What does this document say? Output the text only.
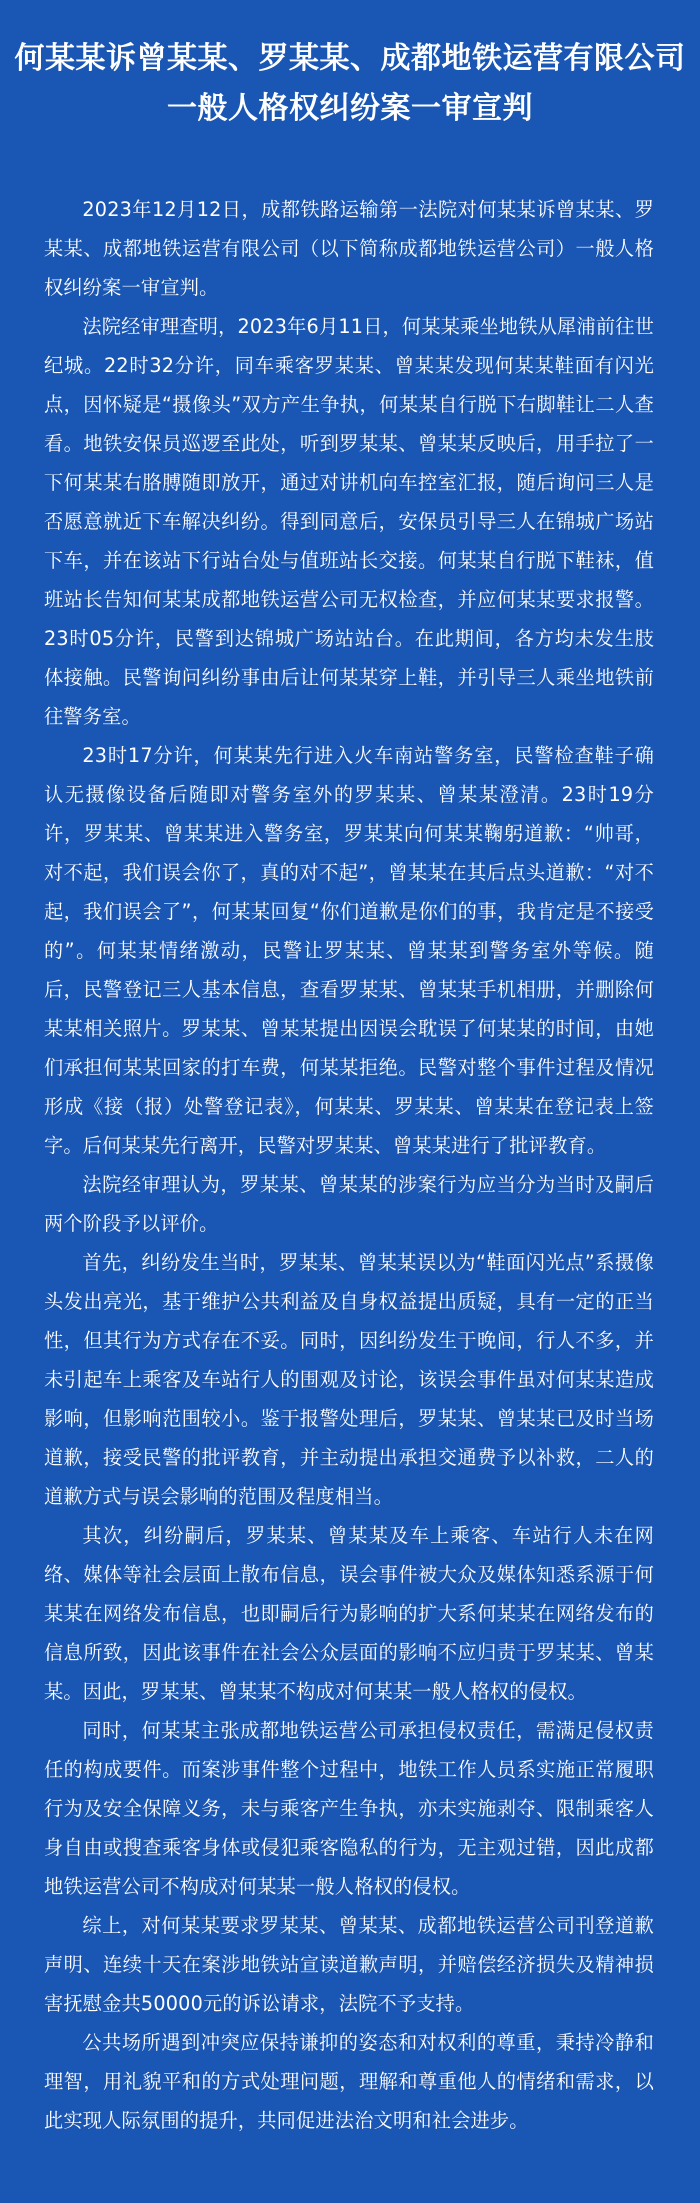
何某某诉曾某某、罗某某、成都地铁运营有限公司
一般人格权纠纷案一审宣判

2023年12月12日，成都铁路运输第一法院对何某某诉曾某某、罗某某、成都地铁运营有限公司（以下简称成都地铁运营公司）一般人格权纠纷案一审宣判。

法院经审理查明，2023年6月11日，何某某乘坐地铁从犀浦前往世纪城。22时32分许，同车乘客罗某某、曾某某发现何某某鞋面有闪光点，因怀疑是“摄像头”双方产生争执，何某某自行脱下右脚鞋让二人查看。地铁安保员巡逻至此处，听到罗某某、曾某某反映后，用手拉了一下何某某右胳膊随即放开，通过对讲机向车控室汇报，随后询问三人是否愿意就近下车解决纠纷。得到同意后，安保员引导三人在锦城广场站下车，并在该站下行站台处与值班站长交接。何某某自行脱下鞋袜，值班站长告知何某某成都地铁运营公司无权检查，并应何某某要求报警。23时05分许，民警到达锦城广场站站台。在此期间，各方均未发生肢体接触。民警询问纠纷事由后让何某某穿上鞋，并引导三人乘坐地铁前往警务室。

23时17分许，何某某先行进入火车南站警务室，民警检查鞋子确认无摄像设备后随即对警务室外的罗某某、曾某某澄清。23时19分许，罗某某、曾某某进入警务室，罗某某向何某某鞠躬道歉：“帅哥，对不起，我们误会你了，真的对不起”，曾某某在其后点头道歉：“对不起，我们误会了”，何某某回复“你们道歉是你们的事，我肯定是不接受的”。何某某情绪激动，民警让罗某某、曾某某到警务室外等候。随后，民警登记三人基本信息，查看罗某某、曾某某手机相册，并删除何某某相关照片。罗某某、曾某某提出因误会耽误了何某某的时间，由她们承担何某某回家的打车费，何某某拒绝。民警对整个事件过程及情况形成《接（报）处警登记表》，何某某、罗某某、曾某某在登记表上签字。后何某某先行离开，民警对罗某某、曾某某进行了批评教育。

法院经审理认为，罗某某、曾某某的涉案行为应当分为当时及嗣后两个阶段予以评价。

首先，纠纷发生当时，罗某某、曾某某误以为“鞋面闪光点”系摄像头发出亮光，基于维护公共利益及自身权益提出质疑，具有一定的正当性，但其行为方式存在不妥。同时，因纠纷发生于晚间，行人不多，并未引起车上乘客及车站行人的围观及讨论，该误会事件虽对何某某造成影响，但影响范围较小。鉴于报警处理后，罗某某、曾某某已及时当场道歉，接受民警的批评教育，并主动提出承担交通费予以补救，二人的道歉方式与误会影响的范围及程度相当。

其次，纠纷嗣后，罗某某、曾某某及车上乘客、车站行人未在网络、媒体等社会层面上散布信息，误会事件被大众及媒体知悉系源于何某某在网络发布信息，也即嗣后行为影响的扩大系何某某在网络发布的信息所致，因此该事件在社会公众层面的影响不应归责于罗某某、曾某某。因此，罗某某、曾某某不构成对何某某一般人格权的侵权。

同时，何某某主张成都地铁运营公司承担侵权责任，需满足侵权责任的构成要件。而案涉事件整个过程中，地铁工作人员系实施正常履职行为及安全保障义务，未与乘客产生争执，亦未实施剥夺、限制乘客人身自由或搜查乘客身体或侵犯乘客隐私的行为，无主观过错，因此成都地铁运营公司不构成对何某某一般人格权的侵权。

综上，对何某某要求罗某某、曾某某、成都地铁运营公司刊登道歉声明、连续十天在案涉地铁站宣读道歉声明，并赔偿经济损失及精神损害抚慰金共50000元的诉讼请求，法院不予支持。

公共场所遇到冲突应保持谦抑的姿态和对权利的尊重，秉持冷静和理智，用礼貌平和的方式处理问题，理解和尊重他人的情绪和需求，以此实现人际氛围的提升，共同促进法治文明和社会进步。
